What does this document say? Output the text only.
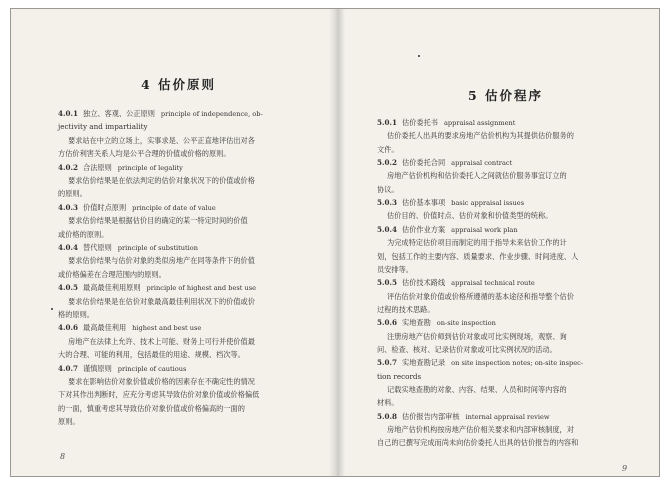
4 估价原则
8
4.0.1 独立、客观、公正原则 principle of independence, ob-
jectivity and impartiality
要求站在中立的立场上，实事求是、公平正直地评估出对各
方估价利害关系人均是公平合理的价值或价格的原则。
4.0.2 合法原则 principle of legality
要求估价结果是在依法判定的估价对象状况下的价值或价格
的原则。
4.0.3 价值时点原则 principle of date of value
要求估价结果是根据估价目的确定的某一特定时间的价值
或价格的原则。
4.0.4 替代原则 principle of substitution
要求估价结果与估价对象的类似房地产在同等条件下的价值
或价格偏差在合理范围内的原则。
4.0.5 最高最佳利用原则 principle of highest and best use
要求估价结果是在估价对象最高最佳利用状况下的价值或价
格的原则。
4.0.6 最高最佳利用 highest and best use
房地产在法律上允许、技术上可能、财务上可行并使价值最
大的合理、可能的利用，包括最佳的用途、规模、档次等。
4.0.7 谨慎原则 principle of cautious
要求在影响估价对象价值或价格的因素存在不确定性的情况
下对其作出判断时，应充分考虑其导致估价对象价值或价格偏低
的一面，慎重考虑其导致估价对象价值或价格偏高的一面的
原则。
5 估价程序
9
5.0.1 估价委托书 appraisal assignment
估价委托人出具的要求房地产估价机构为其提供估价服务的
文件。
5.0.2 估价委托合同 appraisal contract
房地产估价机构和估价委托人之间就估价服务事宜订立的
协议。
5.0.3 估价基本事项 basic appraisal issues
估价目的、价值时点、估价对象和价值类型的统称。
5.0.4 估价作业方案 appraisal work plan
为完成特定估价项目而制定的用于指导未来估价工作的计
划，包括工作的主要内容、质量要求、作业步骤、时间进度、人
员安排等。
5.0.5 估价技术路线 appraisal technical route
评估估价对象价值或价格所遵循的基本途径和指导整个估价
过程的技术思路。
5.0.6 实地查勘 on-site inspection
注册房地产估价师到估价对象或可比实例现场，观察、询
问、检查、核对、记录估价对象或可比实例状况的活动。
5.0.7 实地查勘记录 on site inspection notes; on-site inspec-
tion records
记载实地查勘的对象、内容、结果、人员和时间等内容的
材料。
5.0.8 估价报告内部审核 internal appraisal review
房地产估价机构按房地产估价相关要求和内部审核制度，对
自己的已撰写完成而尚未向估价委托人出具的估价报告的内容和
